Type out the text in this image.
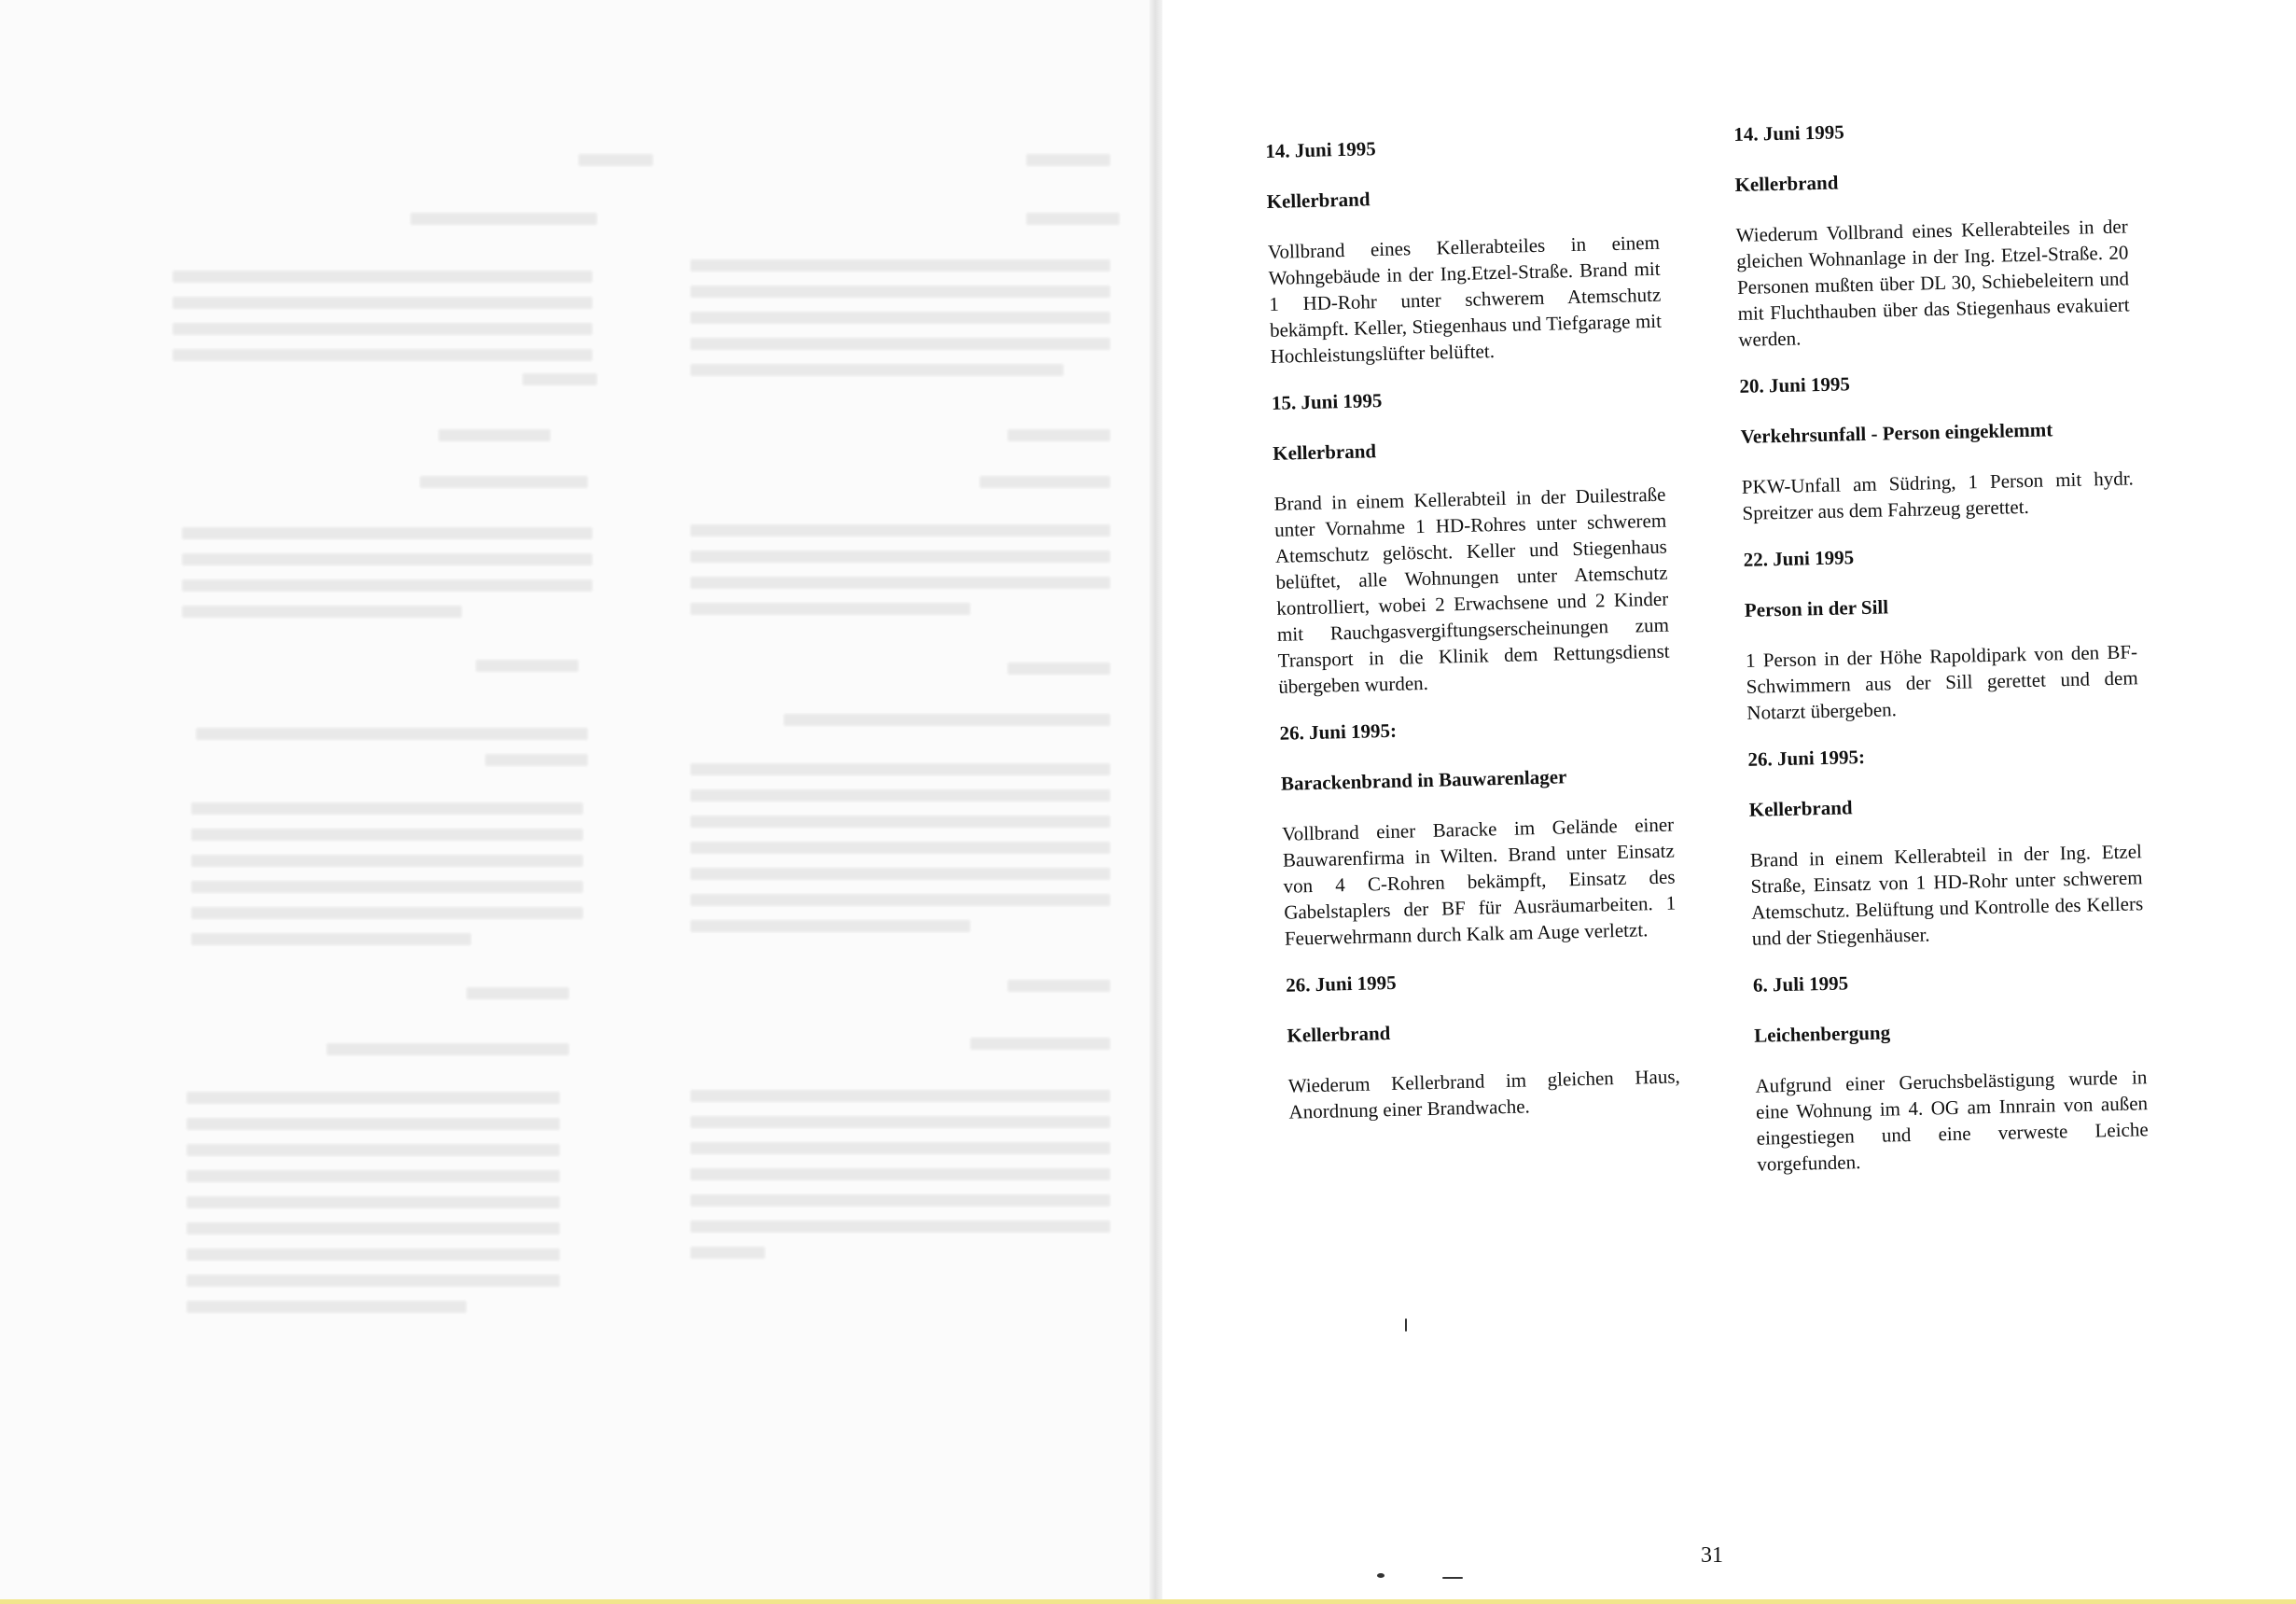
14. Juni 1995

Kellerbrand

Vollbrand eines Kellerabteiles in einem Wohngebäude in der Ing.Etzel-Straße. Brand mit 1 HD-Rohr unter schwerem Atemschutz bekämpft. Keller, Stiegenhaus und Tiefgarage mit Hochleistungslüfter belüftet.

15. Juni 1995

Kellerbrand

Brand in einem Kellerabteil in der Duilestraße unter Vornahme 1 HD-Rohres unter schwerem Atemschutz gelöscht. Keller und Stiegenhaus belüftet, alle Wohnungen unter Atemschutz kontrolliert, wobei 2 Erwachsene und 2 Kinder mit Rauchgasvergiftungserscheinungen zum Transport in die Klinik dem Rettungsdienst übergeben wurden.

26. Juni 1995:

Barackenbrand in Bauwarenlager

Vollbrand einer Baracke im Gelände einer Bauwarenfirma in Wilten. Brand unter Einsatz von 4 C-Rohren bekämpft, Einsatz des Gabelstaplers der BF für Ausräumarbeiten. 1 Feuerwehrmann durch Kalk am Auge verletzt.

26. Juni 1995

Kellerbrand

Wiederum Kellerbrand im gleichen Haus, Anordnung einer Brandwache.

14. Juni 1995

Kellerbrand

Wiederum Vollbrand eines Kellerabteiles in der gleichen Wohnanlage in der Ing. Etzel-Straße. 20 Personen mußten über DL 30, Schiebeleitern und mit Fluchthauben über das Stiegenhaus evakuiert werden.

20. Juni 1995

Verkehrsunfall - Person eingeklemmt

PKW-Unfall am Südring, 1 Person mit hydr. Spreitzer aus dem Fahrzeug gerettet.

22. Juni 1995

Person in der Sill

1 Person in der Höhe Rapoldipark von den BF-Schwimmern aus der Sill gerettet und dem Notarzt übergeben.

26. Juni 1995:

Kellerbrand

Brand in einem Kellerabteil in der Ing. Etzel Straße, Einsatz von 1 HD-Rohr unter schwerem Atemschutz. Belüftung und Kontrolle des Kellers und der Stiegenhäuser.

6. Juli 1995

Leichenbergung

Aufgrund einer Geruchsbelästigung wurde in eine Wohnung im 4. OG am Innrain von außen eingestiegen und eine verweste Leiche vorgefunden.

31
